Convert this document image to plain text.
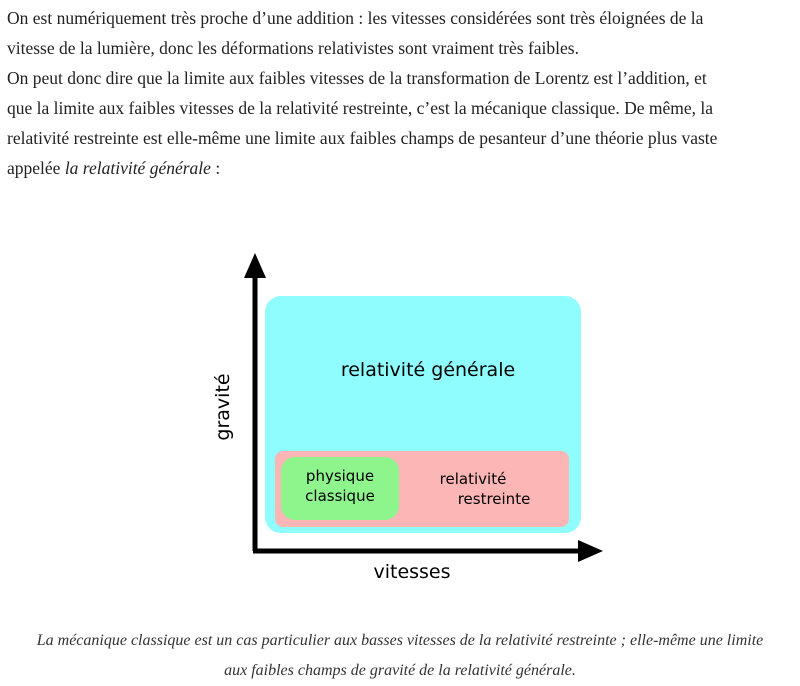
On est numériquement très proche d’une addition : les vitesses considérées sont très éloignées de la
vitesse de la lumière, donc les déformations relativistes sont vraiment très faibles.

On peut donc dire que la limite aux faibles vitesses de la transformation de Lorentz est l’addition, et
que la limite aux faibles vitesses de la relativité restreinte, c’est la mécanique classique. De même, la
relativité restreinte est elle-même une limite aux faibles champs de pesanteur d’une théorie plus vaste
appelée la relativité générale :

gravité
vitesses
relativité générale
relativité
restreinte
physique
classique

La mécanique classique est un cas particulier aux basses vitesses de la relativité restreinte ; elle-même une limite
aux faibles champs de gravité de la relativité générale.
